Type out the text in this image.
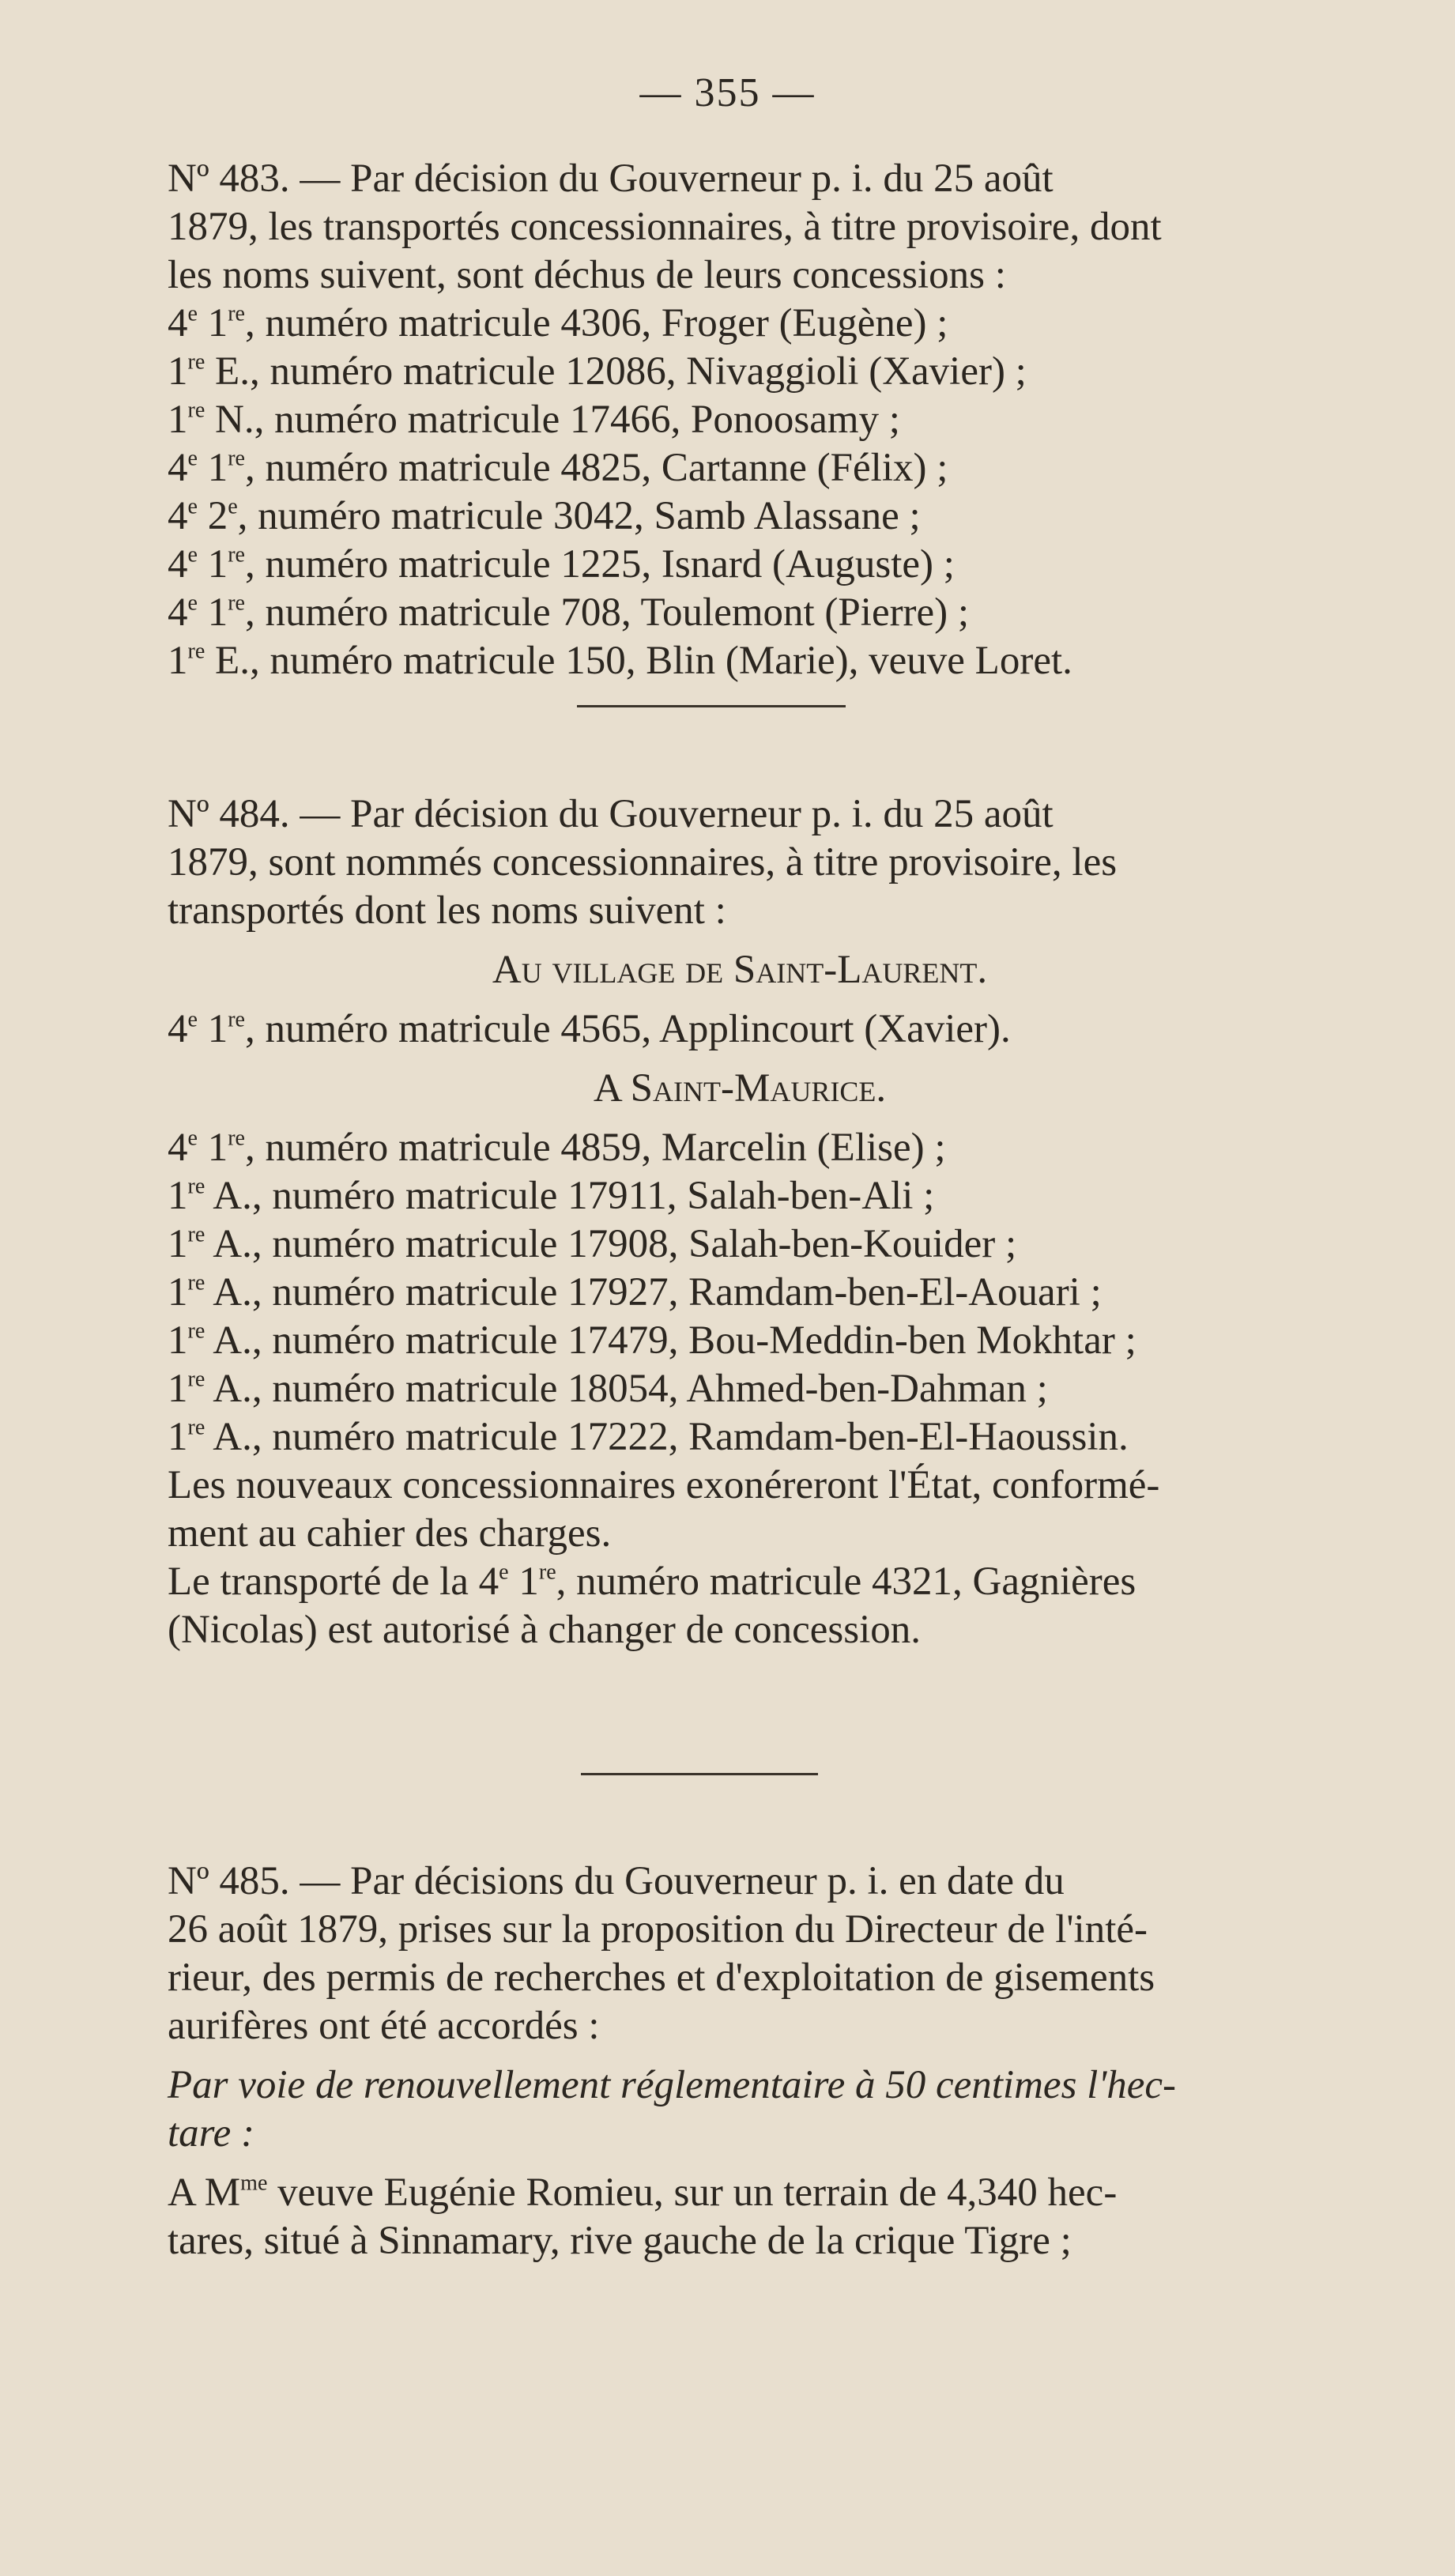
— 355 —

Nº 483. — Par décision du Gouverneur p. i. du 25 août

1879, les transportés concessionnaires, à titre provisoire, dont

les noms suivent, sont déchus de leurs concessions :

4e 1re, numéro matricule 4306, Froger (Eugène) ;

1re E., numéro matricule 12086, Nivaggioli (Xavier) ;

1re N., numéro matricule 17466, Ponoosamy ;

4e 1re, numéro matricule 4825, Cartanne (Félix) ;

4e 2e, numéro matricule 3042, Samb Alassane ;

4e 1re, numéro matricule 1225, Isnard (Auguste) ;

4e 1re, numéro matricule 708, Toulemont (Pierre) ;

1re E., numéro matricule 150, Blin (Marie), veuve Loret.

Nº 484. — Par décision du Gouverneur p. i. du 25 août

1879, sont nommés concessionnaires, à titre provisoire, les

transportés dont les noms suivent :

Au village de Saint-Laurent.

4e 1re, numéro matricule 4565, Applincourt (Xavier).

A Saint-Maurice.

4e 1re, numéro matricule 4859, Marcelin (Elise) ;

1re A., numéro matricule 17911, Salah-ben-Ali ;

1re A., numéro matricule 17908, Salah-ben-Kouider ;

1re A., numéro matricule 17927, Ramdam-ben-El-Aouari ;

1re A., numéro matricule 17479, Bou-Meddin-ben Mokhtar ;

1re A., numéro matricule 18054, Ahmed-ben-Dahman ;

1re A., numéro matricule 17222, Ramdam-ben-El-Haoussin.

Les nouveaux concessionnaires exonéreront l'État, conformé-

ment au cahier des charges.

Le transporté de la 4e 1re, numéro matricule 4321, Gagnières

(Nicolas) est autorisé à changer de concession.

Nº 485. — Par décisions du Gouverneur p. i. en date du

26 août 1879, prises sur la proposition du Directeur de l'inté-

rieur, des permis de recherches et d'exploitation de gisements

aurifères ont été accordés :

Par voie de renouvellement réglementaire à 50 centimes l'hec-

tare :

A $M^{me}$ veuve Eugénie Romieu, sur un terrain de 4,340 hec-

tares, situé à Sinnamary, rive gauche de la crique Tigre ;
